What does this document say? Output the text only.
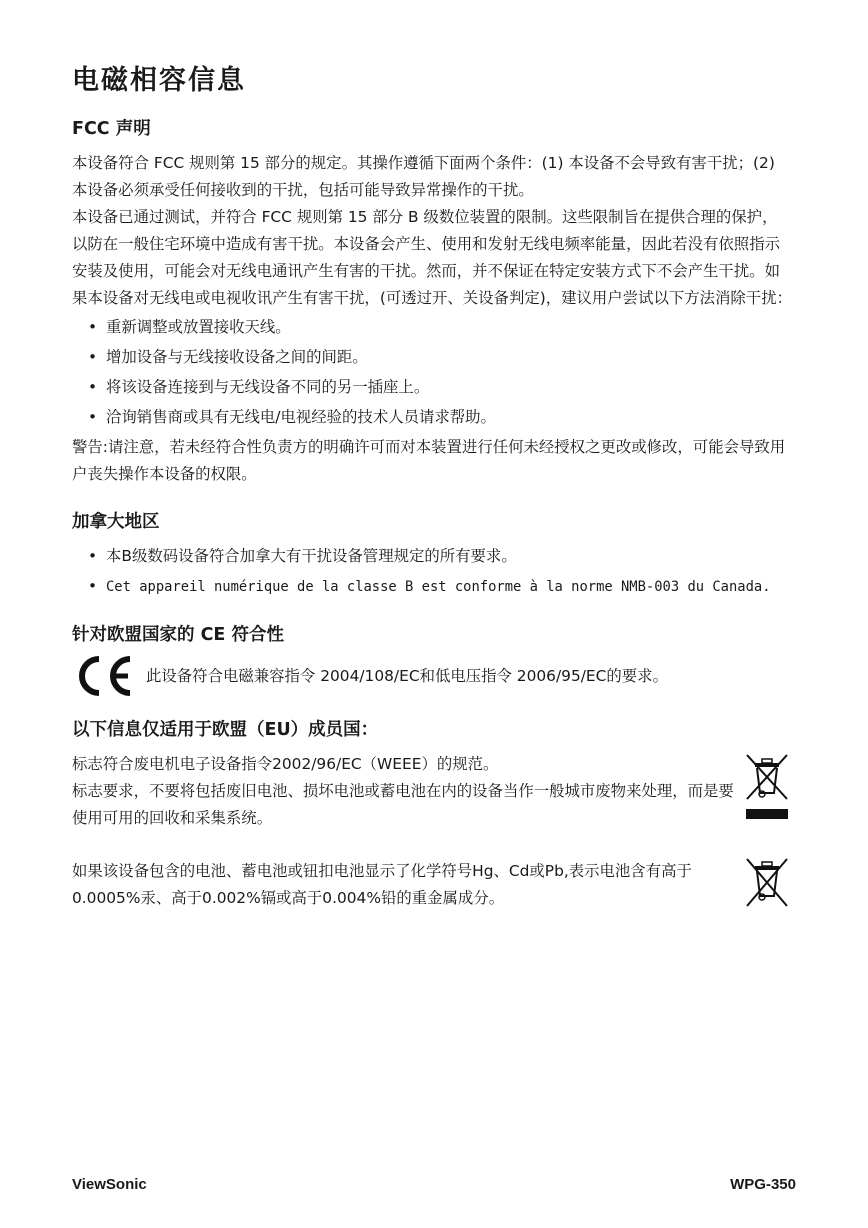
电磁相容信息
FCC 声明

本设备符合 FCC 规则第 15 部分的规定。其操作遵循下面两个条件：(1) 本设备不会导致有害干扰；(2) 本设备必须承受任何接收到的干扰，包括可能导致异常操作的干扰。

本设备已通过测试，并符合 FCC 规则第 15 部分 B 级数位装置的限制。这些限制旨在提供合理的保护，以防在一般住宅环境中造成有害干扰。本设备会产生、使用和发射无线电频率能量，因此若没有依照指示安装及使用，可能会对无线电通讯产生有害的干扰。然而，并不保证在特定安装方式下不会产生干扰。如果本设备对无线电或电视收讯产生有害干扰，(可透过开、关设备判定)，建议用户尝试以下方法消除干扰：

• 重新调整或放置接收天线。
• 增加设备与无线接收设备之间的间距。
• 将该设备连接到与无线设备不同的另一插座上。
• 洽询销售商或具有无线电/电视经验的技术人员请求帮助。

警告:请注意，若未经符合性负责方的明确许可而对本装置进行任何未经授权之更改或修改，可能会导致用户丧失操作本设备的权限。

加拿大地区
• 本B级数码设备符合加拿大有干扰设备管理规定的所有要求。
• Cet appareil numérique de la classe B est conforme à la norme NMB-003 du Canada.
针对欧盟国家的 CE 符合性

此设备符合电磁兼容指令 2004/108/EC和低电压指令 2006/95/EC的要求。

以下信息仅适用于欧盟（EU）成员国：

标志符合废电机电子设备指令2002/96/EC（WEEE）的规范。

标志要求，不要将包括废旧电池、损坏电池或蓄电池在内的设备当作一般城市废物来处理，而是要使用可用的回收和采集系统。

如果该设备包含的电池、蓄电池或钮扣电池显示了化学符号Hg、Cd或Pb,表示电池含有高于0.0005%汞、高于0.002%镉或高于0.004%铅的重金属成分。

ViewSonic	WPG-350
